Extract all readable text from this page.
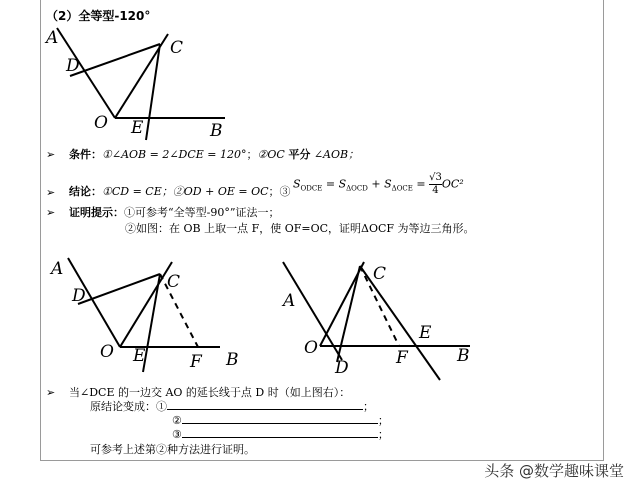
（2）全等型-120°
A
D
C
O E	B
A
D
C
O E	F B
A
C
O
E
D	F	B
➢ 条件：①∠AOB = 2∠DCE = 120°；②OC 平分 ∠AOB；
➢ 结论：①CD = CE；②OD + OE = OC；③
$S_{ODCE} = S_{\Delta OCD} + S_{\Delta OCE} = \frac{√3}{4} OC^2$
➢ 证明提示：①可参考“全等型-90°”证法一；
②如图：在 OB 上取一点 F，使 OF=OC，证明ΔOCF 为等边三角形。
➢ 当∠DCE 的一边交 AO 的延长线于点 D 时（如上图右）：
原结论变成：①	；
②	；
③	；
可参考上述第②种方法进行证明。
头条 @数学趣味课堂
